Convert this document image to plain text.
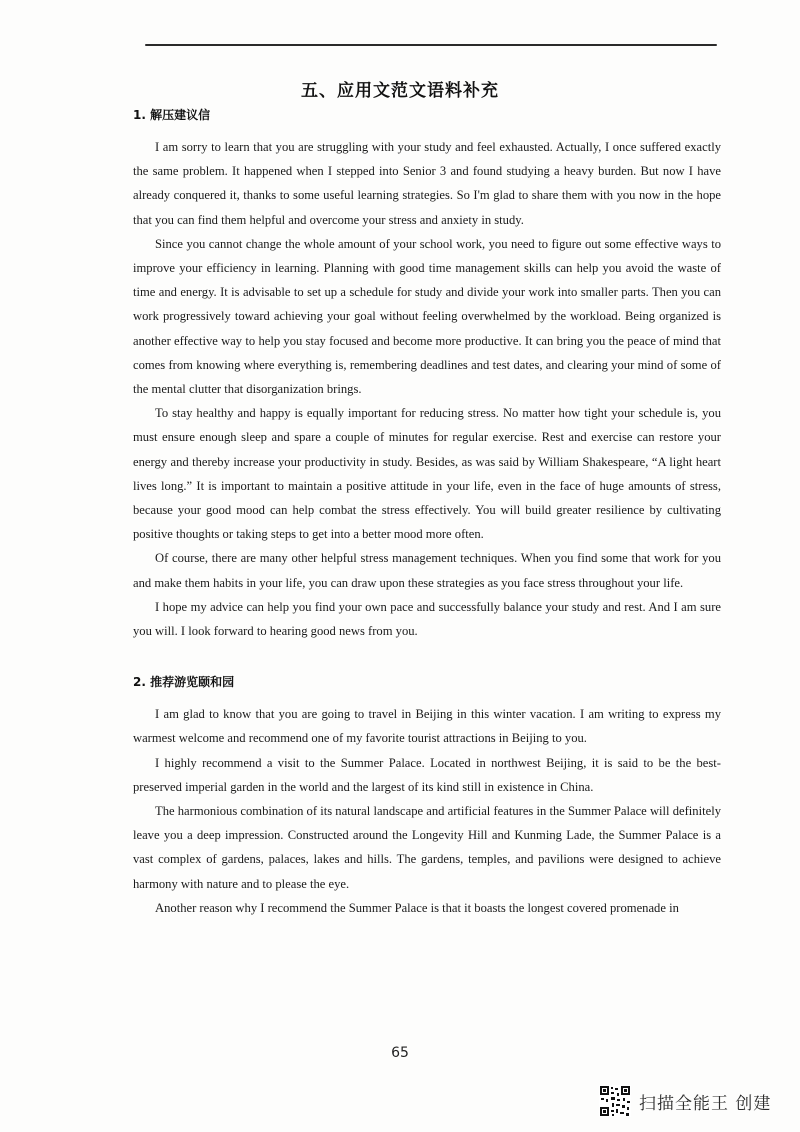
五、应用文范文语料补充
1. 解压建议信

I am sorry to learn that you are struggling with your study and feel exhausted. Actually, I once suffered exactly the same problem. It happened when I stepped into Senior 3 and found studying a heavy burden. But now I have already conquered it, thanks to some useful learning strategies. So I'm glad to share them with you now in the hope that you can find them helpful and overcome your stress and anxiety in study.

Since you cannot change the whole amount of your school work, you need to figure out some effective ways to improve your efficiency in learning. Planning with good time management skills can help you avoid the waste of time and energy. It is advisable to set up a schedule for study and divide your work into smaller parts. Then you can work progressively toward achieving your goal without feeling overwhelmed by the workload. Being organized is another effective way to help you stay focused and become more productive. It can bring you the peace of mind that comes from knowing where everything is, remembering deadlines and test dates, and clearing your mind of some of the mental clutter that disorganization brings.

To stay healthy and happy is equally important for reducing stress. No matter how tight your schedule is, you must ensure enough sleep and spare a couple of minutes for regular exercise. Rest and exercise can restore your energy and thereby increase your productivity in study. Besides, as was said by William Shakespeare, “A light heart lives long.” It is important to maintain a positive attitude in your life, even in the face of huge amounts of stress, because your good mood can help combat the stress effectively. You will build greater resilience by cultivating positive thoughts or taking steps to get into a better mood more often.

Of course, there are many other helpful stress management techniques. When you find some that work for you and make them habits in your life, you can draw upon these strategies as you face stress throughout your life.

I hope my advice can help you find your own pace and successfully balance your study and rest. And I am sure you will. I look forward to hearing good news from you.

2. 推荐游览颐和园

I am glad to know that you are going to travel in Beijing in this winter vacation. I am writing to express my warmest welcome and recommend one of my favorite tourist attractions in Beijing to you.

I highly recommend a visit to the Summer Palace. Located in northwest Beijing, it is said to be the best-preserved imperial garden in the world and the largest of its kind still in existence in China.

The harmonious combination of its natural landscape and artificial features in the Summer Palace will definitely leave you a deep impression. Constructed around the Longevity Hill and Kunming Lade, the Summer Palace is a vast complex of gardens, palaces, lakes and hills. The gardens, temples, and pavilions were designed to achieve harmony with nature and to please the eye.

Another reason why I recommend the Summer Palace is that it boasts the longest covered promenade in

65
扫描全能王 创建
